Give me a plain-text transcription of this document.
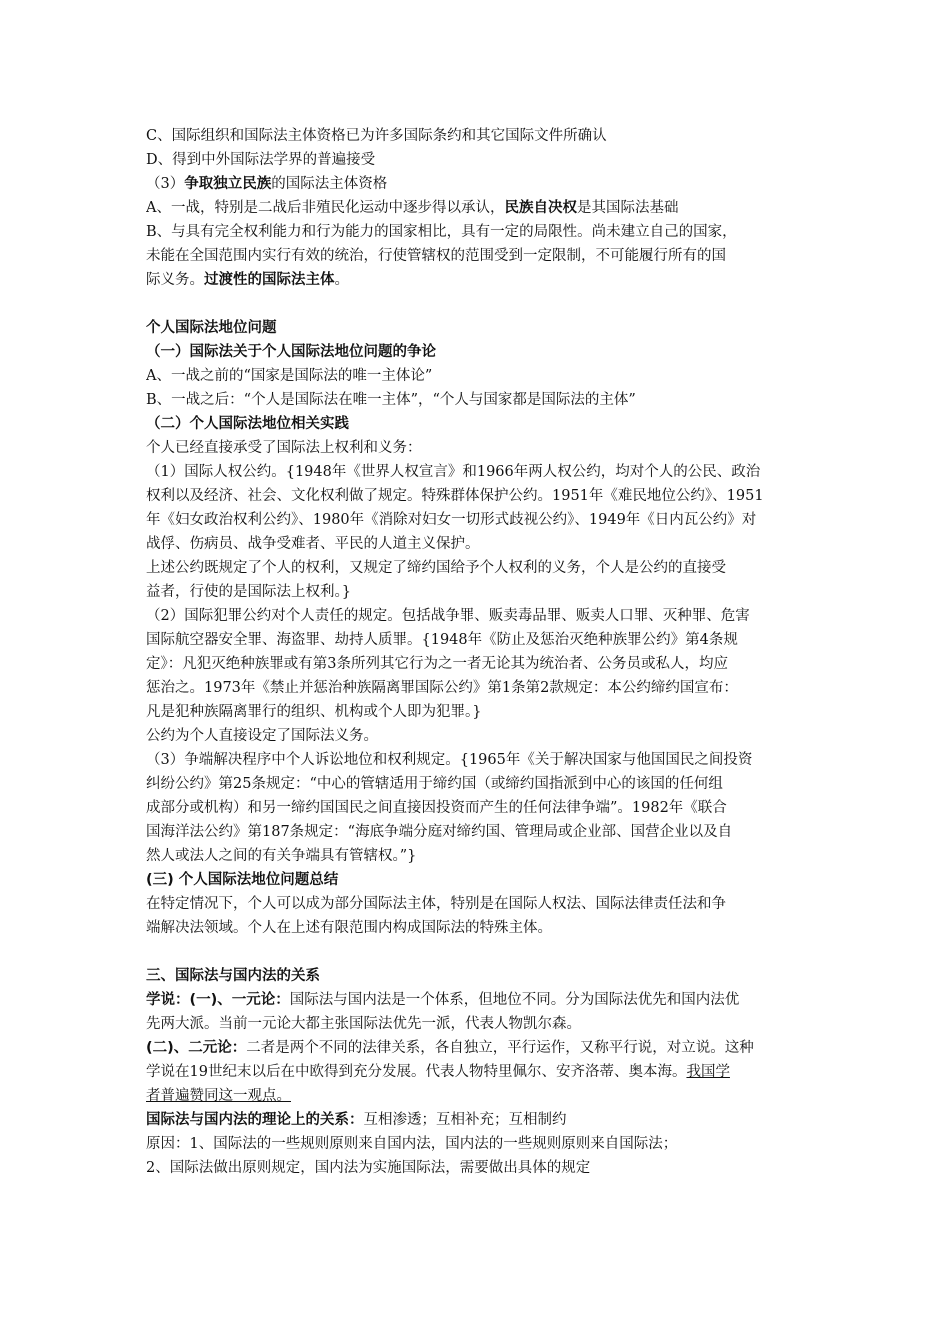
C、国际组织和国际法主体资格已为许多国际条约和其它国际文件所确认
D、得到中外国际法学界的普遍接受
（3）争取独立民族的国际法主体资格
A、一战，特别是二战后非殖民化运动中逐步得以承认，民族自决权是其国际法基础
B、与具有完全权利能力和行为能力的国家相比，具有一定的局限性。尚未建立自己的国家，
未能在全国范围内实行有效的统治，行使管辖权的范围受到一定限制，不可能履行所有的国
际义务。过渡性的国际法主体。
个人国际法地位问题
（一）国际法关于个人国际法地位问题的争论
A、一战之前的“国家是国际法的唯一主体论”
B、一战之后：“个人是国际法在唯一主体”，“个人与国家都是国际法的主体”
（二）个人国际法地位相关实践
个人已经直接承受了国际法上权利和义务：
（1）国际人权公约。{1948年《世界人权宣言》和1966年两人权公约，均对个人的公民、政治
权利以及经济、社会、文化权利做了规定。特殊群体保护公约。1951年《难民地位公约》、1951
年《妇女政治权利公约》、1980年《消除对妇女一切形式歧视公约》、1949年《日内瓦公约》对
战俘、伤病员、战争受难者、平民的人道主义保护。
上述公约既规定了个人的权利，又规定了缔约国给予个人权利的义务，个人是公约的直接受
益者，行使的是国际法上权利。}
（2）国际犯罪公约对个人责任的规定。包括战争罪、贩卖毒品罪、贩卖人口罪、灭种罪、危害
国际航空器安全罪、海盗罪、劫持人质罪。{1948年《防止及惩治灭绝种族罪公约》第4条规
定》：凡犯灭绝种族罪或有第3条所列其它行为之一者无论其为统治者、公务员或私人，均应
惩治之。1973年《禁止并惩治种族隔离罪国际公约》第1条第2款规定：本公约缔约国宣布：
凡是犯种族隔离罪行的组织、机构或个人即为犯罪。}
公约为个人直接设定了国际法义务。
（3）争端解决程序中个人诉讼地位和权利规定。{1965年《关于解决国家与他国国民之间投资
纠纷公约》第25条规定：“中心的管辖适用于缔约国（或缔约国指派到中心的该国的任何组
成部分或机构）和另一缔约国国民之间直接因投资而产生的任何法律争端”。1982年《联合
国海洋法公约》第187条规定：“海底争端分庭对缔约国、管理局或企业部、国营企业以及自
然人或法人之间的有关争端具有管辖权。”}
(三) 个人国际法地位问题总结
在特定情况下，个人可以成为部分国际法主体，特别是在国际人权法、国际法律责任法和争
端解决法领域。个人在上述有限范围内构成国际法的特殊主体。
三、国际法与国内法的关系
学说：(一)、一元论：国际法与国内法是一个体系，但地位不同。分为国际法优先和国内法优
先两大派。当前一元论大都主张国际法优先一派，代表人物凯尔森。
(二)、二元论：二者是两个不同的法律关系，各自独立，平行运作，又称平行说，对立说。这种
学说在19世纪末以后在中欧得到充分发展。代表人物特里佩尔、安齐洛蒂、奥本海。我国学
者普遍赞同这一观点。
国际法与国内法的理论上的关系：互相渗透；互相补充；互相制约
原因：1、国际法的一些规则原则来自国内法，国内法的一些规则原则来自国际法；
2、国际法做出原则规定，国内法为实施国际法，需要做出具体的规定
